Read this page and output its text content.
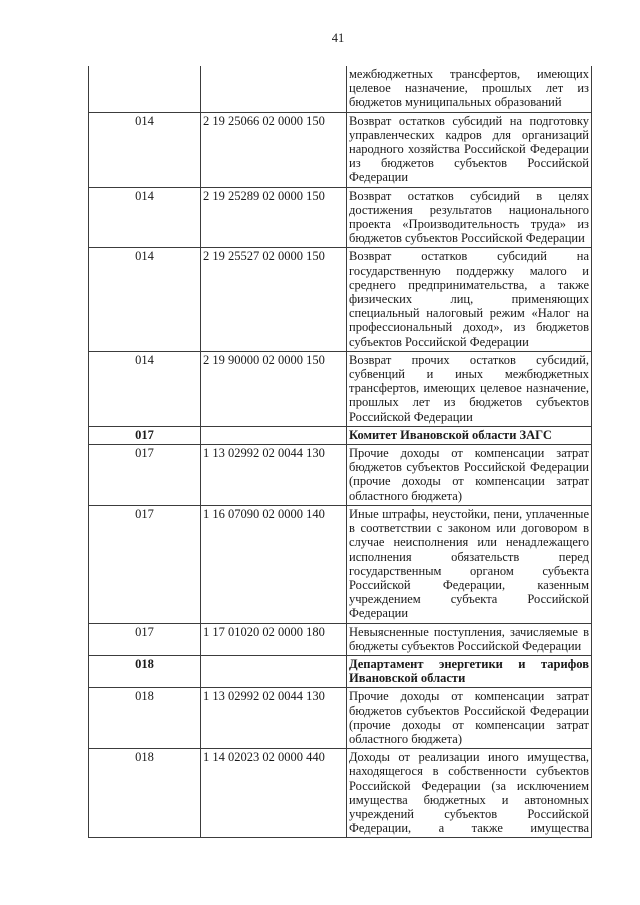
41
		межбюджетных трансфертов, имеющих целевое назначение, прошлых лет из бюджетов муниципальных образований
014	2 19 25066 02 0000 150	Возврат остатков субсидий на подготовку управленческих кадров для организаций народного хозяйства Российской Федерации из бюджетов субъектов Российской Федерации
014	2 19 25289 02 0000 150	Возврат остатков субсидий в целях достижения результатов национального проекта «Производительность труда» из бюджетов субъектов Российской Федерации
014	2 19 25527 02 0000 150	Возврат остатков субсидий на государственную поддержку малого и среднего предпринимательства, а также физических лиц, применяющих специальный налоговый режим «Налог на профессиональный доход», из бюджетов субъектов Российской Федерации
014	2 19 90000 02 0000 150	Возврат прочих остатков субсидий, субвенций и иных межбюджетных трансфертов, имеющих целевое назначение, прошлых лет из бюджетов субъектов Российской Федерации
017		Комитет Ивановской области ЗАГС
017	1 13 02992 02 0044 130	Прочие доходы от компенсации затрат бюджетов субъектов Российской Федерации (прочие доходы от компенсации затрат областного бюджета)
017	1 16 07090 02 0000 140	Иные штрафы, неустойки, пени, уплаченные в соответствии с законом или договором в случае неисполнения или ненадлежащего исполнения обязательств перед государственным органом субъекта Российской Федерации, казенным учреждением субъекта Российской Федерации
017	1 17 01020 02 0000 180	Невыясненные поступления, зачисляемые в бюджеты субъектов Российской Федерации
018		Департамент энергетики и тарифов Ивановской области
018	1 13 02992 02 0044 130	Прочие доходы от компенсации затрат бюджетов субъектов Российской Федерации (прочие доходы от компенсации затрат областного бюджета)
018	1 14 02023 02 0000 440	Доходы от реализации иного имущества, находящегося в собственности субъектов Российской Федерации (за исключением имущества бюджетных и автономных учреждений субъектов Российской Федерации, а также имущества
